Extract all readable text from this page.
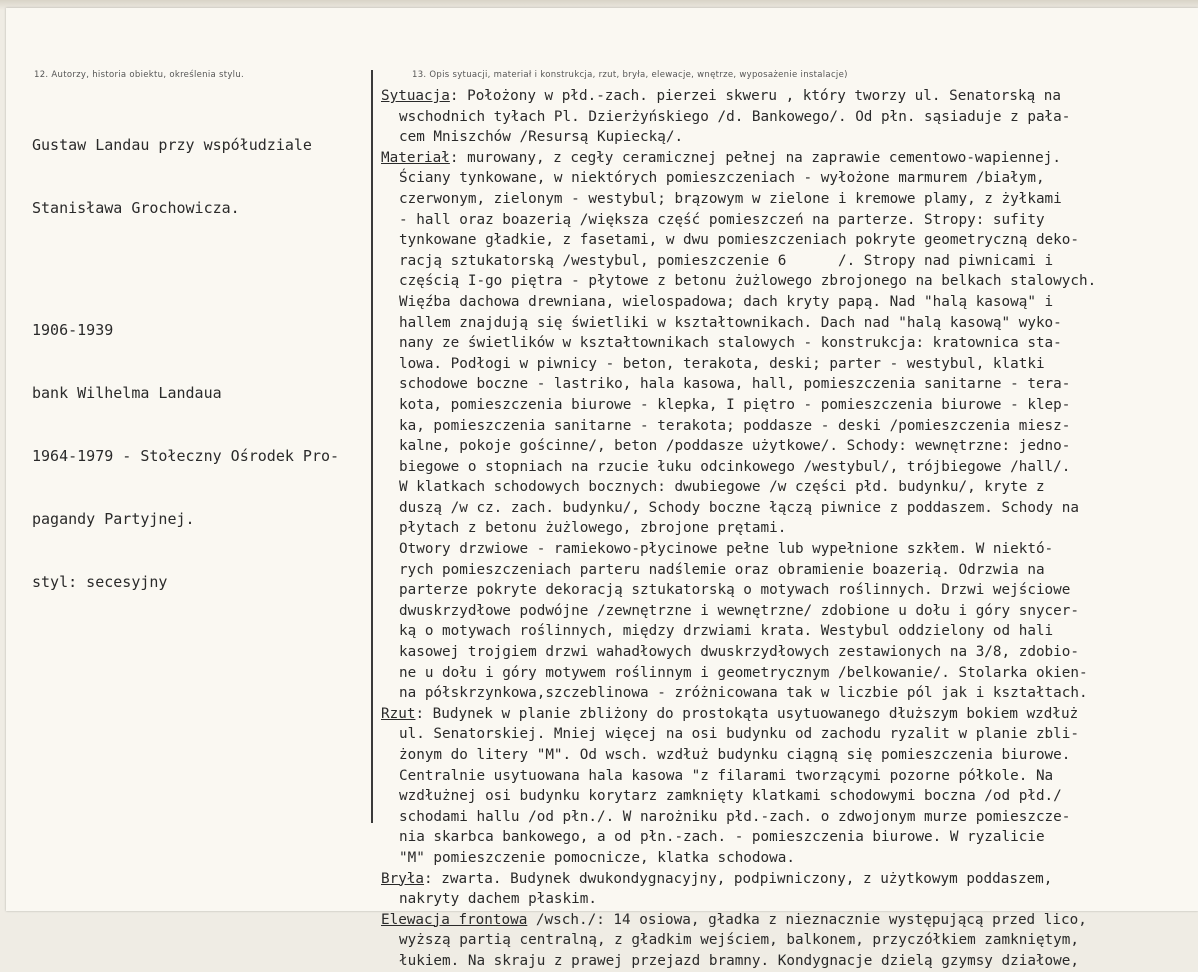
12. Autorzy, historia obiektu, określenia stylu.	13. Opis sytuacji, materiał i konstrukcja, rzut, bryła, elewacje, wnętrze, wyposażenie instalacje)

Gustaw Landau przy współudziale

Stanisława Grochowicza.

1906-1939

bank Wilhelma Landaua

1964-1979 - Stołeczny Ośrodek Pro-

pagandy Partyjnej.

styl: secesyjny

Sytuacja: Położony w płd.-zach. pierzei skweru , który tworzy ul. Senatorską na
wschodnich tyłach Pl. Dzierżyńskiego /d. Bankowego/. Od płn. sąsiaduje z pała-
cem Mniszchów /Resursą Kupiecką/.
Materiał: murowany, z cegły ceramicznej pełnej na zaprawie cementowo-wapiennej.
Ściany tynkowane, w niektórych pomieszczeniach - wyłożone marmurem /białym,
czerwonym, zielonym - westybul; brązowym w zielone i kremowe plamy, z żyłkami
- hall oraz boazerią /większa część pomieszczeń na parterze. Stropy: sufity
tynkowane gładkie, z fasetami, w dwu pomieszczeniach pokryte geometryczną deko-
racją sztukatorską /westybul, pomieszczenie 6      /. Stropy nad piwnicami i
częścią I-go piętra - płytowe z betonu żużlowego zbrojonego na belkach stalowych.
Więźba dachowa drewniana, wielospadowa; dach kryty papą. Nad "halą kasową" i
hallem znajdują się świetliki w kształtownikach. Dach nad "halą kasową" wyko-
nany ze świetlików w kształtownikach stalowych - konstrukcja: kratownica sta-
lowa. Podłogi w piwnicy - beton, terakota, deski; parter - westybul, klatki
schodowe boczne - lastriko, hala kasowa, hall, pomieszczenia sanitarne - tera-
kota, pomieszczenia biurowe - klepka, I piętro - pomieszczenia biurowe - klep-
ka, pomieszczenia sanitarne - terakota; poddasze - deski /pomieszczenia miesz-
kalne, pokoje gościnne/, beton /poddasze użytkowe/. Schody: wewnętrzne: jedno-
biegowe o stopniach na rzucie łuku odcinkowego /westybul/, trójbiegowe /hall/.
W klatkach schodowych bocznych: dwubiegowe /w części płd. budynku/, kryte z
duszą /w cz. zach. budynku/, Schody boczne łączą piwnice z poddaszem. Schody na
płytach z betonu żużlowego, zbrojone prętami.
Otwory drzwiowe - ramiekowo-płycinowe pełne lub wypełnione szkłem. W niektó-
rych pomieszczeniach parteru nadślemie oraz obramienie boazerią. Odrzwia na
parterze pokryte dekoracją sztukatorską o motywach roślinnych. Drzwi wejściowe
dwuskrzydłowe podwójne /zewnętrzne i wewnętrzne/ zdobione u dołu i góry snycer-
ką o motywach roślinnych, między drzwiami krata. Westybul oddzielony od hali
kasowej trojgiem drzwi wahadłowych dwuskrzydłowych zestawionych na 3/8, zdobio-
ne u dołu i góry motywem roślinnym i geometrycznym /belkowanie/. Stolarka okien-
na półskrzynkowa,szczeblinowa - zróżnicowana tak w liczbie pól jak i kształtach.
Rzut: Budynek w planie zbliżony do prostokąta usytuowanego dłuższym bokiem wzdłuż
ul. Senatorskiej. Mniej więcej na osi budynku od zachodu ryzalit w planie zbli-
żonym do litery "M". Od wsch. wzdłuż budynku ciągną się pomieszczenia biurowe.
Centralnie usytuowana hala kasowa "z filarami tworzącymi pozorne półkole. Na
wzdłużnej osi budynku korytarz zamknięty klatkami schodowymi boczna /od płd./
schodami hallu /od płn./. W narożniku płd.-zach. o zdwojonym murze pomieszcze-
nia skarbca bankowego, a od płn.-zach. - pomieszczenia biurowe. W ryzalicie
"M" pomieszczenie pomocnicze, klatka schodowa.
Bryła: zwarta. Budynek dwukondygnacyjny, podpiwniczony, z użytkowym poddaszem,
nakryty dachem płaskim.
Elewacja frontowa /wsch./: 14 osiowa, gładka z nieznacznie występującą przed lico,
wyższą partią centralną, z gładkim wejściem, balkonem, przyczółkiem zamkniętym,
łukiem. Na skraju z prawej przejazd bramny. Kondygnacje dzielą gzymsy działowe,
